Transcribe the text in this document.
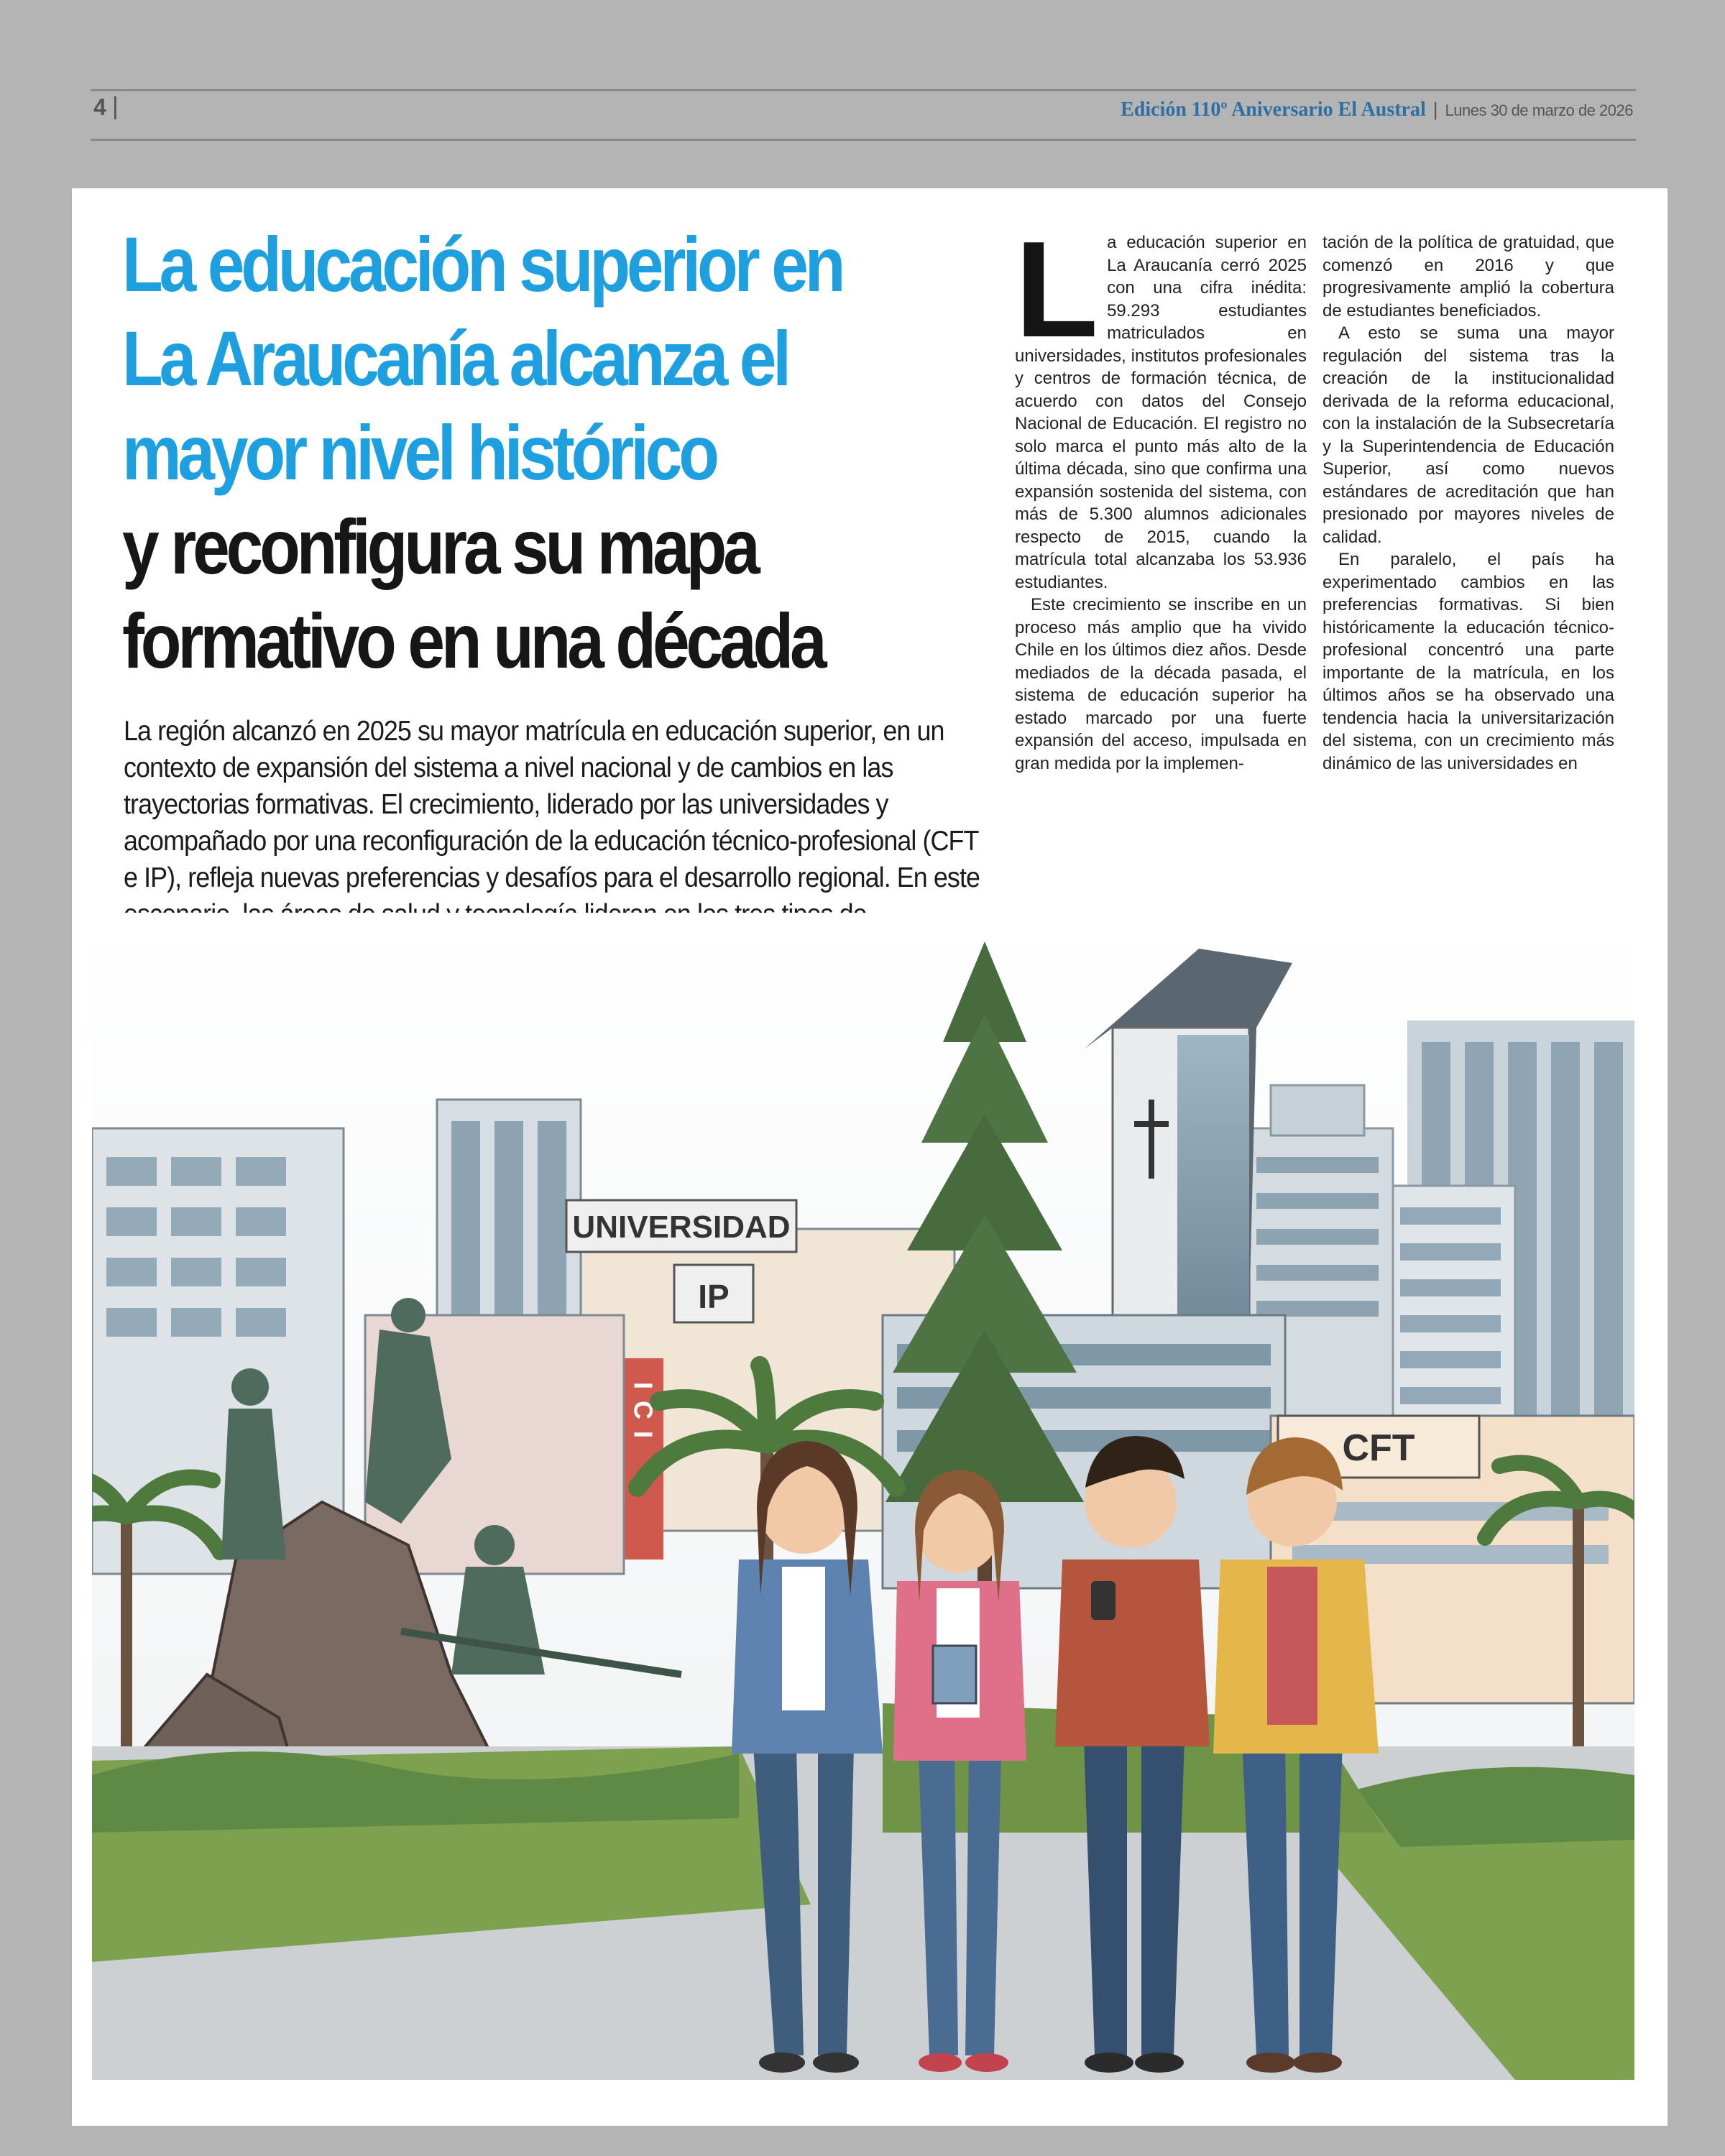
4 |	Edición 110º Aniversario El Austral | Lunes 30 de marzo de 2026
La educación superior en La Araucanía alcanza el mayor nivel histórico
y reconfigura su mapa formativo en una década

La región alcanzó en 2025 su mayor matrícula en educación superior, en un contexto de expansión del sistema a nivel nacional y de cambios en las trayectorias formativas. El crecimiento, liderado por las universidades y acompañado por una reconfiguración de la educación técnico-profesional (CFT e IP), refleja nuevas preferencias y desafíos para el desarrollo regional. En este

L a educación superior en La Araucanía cerró 2025 con una cifra inédita: 59.293 estudiantes matriculados en universidades, institutos profesionales y centros de formación técnica, de acuerdo con datos del Consejo Nacional de Educación. El registro no solo marca el punto más alto de la última década, sino que confirma una expansión sostenida del sistema, con más de 5.300 alumnos adicionales respecto de 2015, cuando la matrícula total alcanzaba los 53.936 estudiantes.

Este crecimiento se inscribe en un proceso más amplio que ha vivido Chile en los últimos diez años. Desde mediados de la década pasada, el sistema de educación superior ha estado marcado por una fuerte expansión del acceso, impulsada en gran medida por la implemen-

tación de la política de gratuidad, que comenzó en 2016 y que progresivamente amplió la cobertura de estudiantes beneficiados.

A esto se suma una mayor regulación del sistema tras la creación de la institucionalidad derivada de la reforma educacional, con la instalación de la Subsecretaría y la Superintendencia de Educación Superior, así como nuevos estándares de acreditación que han presionado por mayores niveles de calidad.

En paralelo, el país ha experimentado cambios en las preferencias formativas. Si bien históricamente la educación técnico-profesional concentró una parte importante de la matrícula, en los últimos años se ha observado una tendencia hacia la universitarización del sistema, con un crecimiento más dinámico de las universidades en

UNIVERSIDAD
IP
ICI	CFT
